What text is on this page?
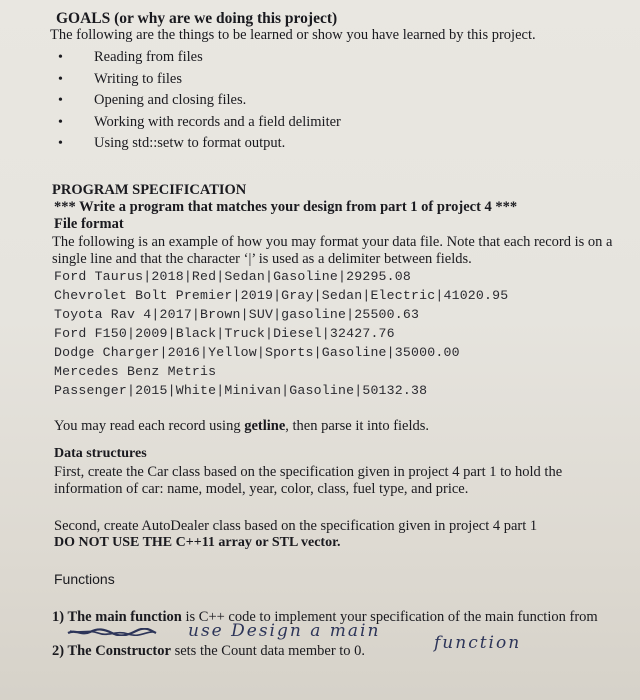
GOALS (or why are we doing this project)
The following are the things to be learned or show you have learned by this project.
• Reading from files
• Writing to files
• Opening and closing files.
• Working with records and a field delimiter
• Using std::setw to format output.
PROGRAM SPECIFICATION
*** Write a program that matches your design from part 1 of project 4 ***
File format
The following is an example of how you may format your data file. Note that each record is on a
single line and that the character ‘|’ is used as a delimiter between fields.
Ford Taurus|2018|Red|Sedan|Gasoline|29295.08
Chevrolet Bolt Premier|2019|Gray|Sedan|Electric|41020.95
Toyota Rav 4|2017|Brown|SUV|gasoline|25500.63
Ford F150|2009|Black|Truck|Diesel|32427.76
Dodge Charger|2016|Yellow|Sports|Gasoline|35000.00
Mercedes Benz Metris
Passenger|2015|White|Minivan|Gasoline|50132.38
You may read each record using getline, then parse it into fields.
Data structures
First, create the Car class based on the specification given in project 4 part 1 to hold the
information of car: name, model, year, color, class, fuel type, and price.
Second, create AutoDealer class based on the specification given in project 4 part 1
DO NOT USE THE C++11 array or STL vector.
Functions
1) The main function is C++ code to implement your specification of the main function from
use Design a main
function
2) The Constructor sets the Count data member to 0.
